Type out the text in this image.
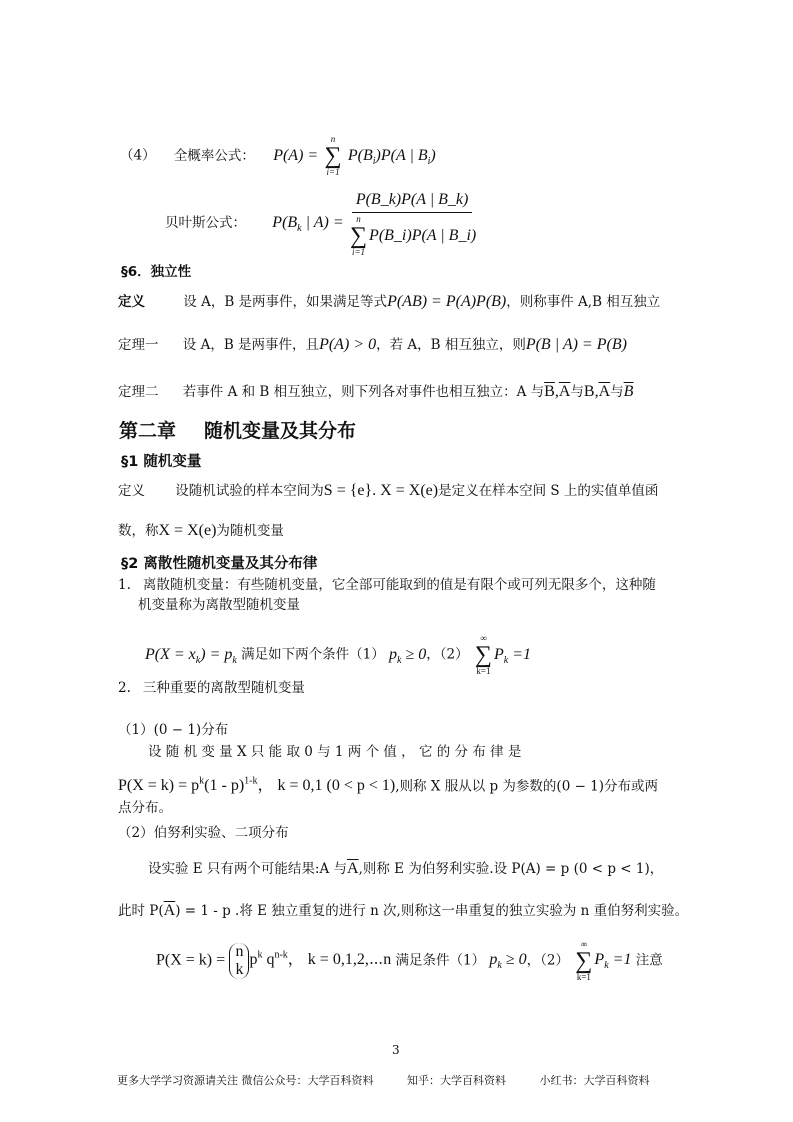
（4） 全概率公式： P(A) =
n
∑
i=1
$P(B_i)P(A$ | $B_i$)
贝叶斯公式： $P(B_k$ | A) = P(B_k)P(A | B_k)
n
∑
i=1
P(B_i)P(A | B_i)
§6．独立性
定义	设 A，B 是两事件，如果满足等式P(AB) = P(A)P(B)，则称事件 A,B 相互独立
定理一 设 A，B 是两事件，且P(A) > 0，若 A，B 相互独立，则P(B | A) = P(B)
定理二 若事件 A 和 B 相互独立，则下列各对事件也相互独立：A 与$\overline{B},\overline{A}$与$B,\overline{A}$与$\overline{B}$
第二章 随机变量及其分布
§1 随机变量
定义 设随机试验的样本空间为S = {e}. X = X(e)是定义在样本空间 S 上的实值单值函
数，称X = X(e)为随机变量
§2 离散性随机变量及其分布律
1. 离散随机变量：有些随机变量，它全部可能取到的值是有限个或可列无限多个，这种随
机变量称为离散型随机变量
$P(X = x_k) = p_k$ 满足如下两个条件（1） $p_k \ge 0$，（2）
∞
∑
k=1
$P_k =1$
2. 三种重要的离散型随机变量
（1）(0 − 1)分布
设 随 机 变 量 X 只 能 取 0 与 1 两 个 值 ， 它 的 分 布 律 是
$P(X = k) = p^k(1 - p)^{1-k}$， k = 0,1 (0 < p < 1),则称 X 服从以 p 为参数的(0 − 1)分布或两
点分布。
（2）伯努利实验、二项分布
设实验 E 只有两个可能结果:A 与$\overline{A}$,则称 E 为伯努利实验.设 P(A) = p (0 < p < 1)，
此时 $P(\overline{A}) = 1 - p$ .将 E 独立重复的进行 n 次,则称这一串重复的独立实验为 n 重伯努利实验。
P(X = k) = n
k
$p^k$ $q^{n-k}$， k = 0,1,2,⋯n 满足条件（1） $p_k \ge 0$，（2）
∞
∑
k=1
$P_k =1$ 注意
3
更多大学学习资源请关注 微信公众号：大学百科资料	知乎：大学百科资料	小红书：大学百科资料
